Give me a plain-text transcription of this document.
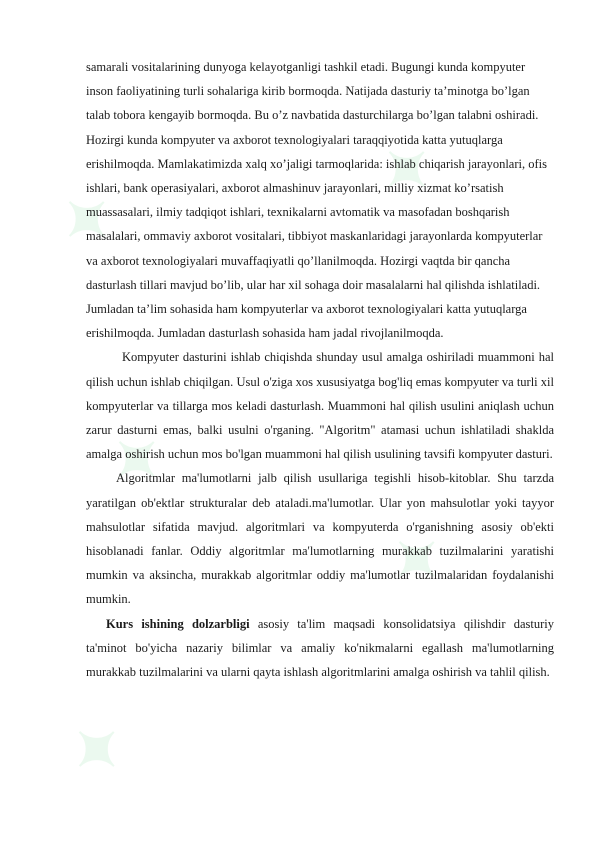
✦
✦
✦
✦
✦

samarali vositalarining dunyoga kelayotganligi tashkil etadi. Bugungi kunda kompyuter inson faoliyatining turli sohalariga kirib bormoqda. Natijada dasturiy ta’minotga bo’lgan talab tobora kengayib bormoqda. Bu o’z navbatida dasturchilarga bo’lgan talabni oshiradi. Hozirgi kunda kompyuter va axborot texnologiyalari taraqqiyotida katta yutuqlarga erishilmoqda. Mamlakatimizda xalq xo’jaligi tarmoqlarida: ishlab chiqarish jarayonlari, ofis ishlari, bank operasiyalari, axborot almashinuv jarayonlari, milliy xizmat ko’rsatish muassasalari, ilmiy tadqiqot ishlari, texnikalarni avtomatik va masofadan boshqarish masalalari, ommaviy axborot vositalari, tibbiyot maskanlaridagi jarayonlarda kompyuterlar va axborot texnologiyalari muvaffaqiyatli qo’llanilmoqda. Hozirgi vaqtda bir qancha dasturlash tillari mavjud bo’lib, ular har xil sohaga doir masalalarni hal qilishda ishlatiladi. Jumladan ta’lim sohasida ham kompyuterlar va axborot texnologiyalari katta yutuqlarga erishilmoqda. Jumladan dasturlash sohasida ham jadal rivojlanilmoqda.

Kompyuter dasturini ishlab chiqishda shunday usul amalga oshiriladi muammoni hal qilish uchun ishlab chiqilgan. Usul o'ziga xos xususiyatga bog'liq emas kompyuter va turli xil kompyuterlar va tillarga mos keladi dasturlash. Muammoni hal qilish usulini aniqlash uchun zarur dasturni emas, balki usulni o'rganing. "Algoritm" atamasi uchun ishlatiladi shaklda amalga oshirish uchun mos bo'lgan muammoni hal qilish usulining tavsifi kompyuter dasturi.

Algoritmlar ma'lumotlarni jalb qilish usullariga tegishli hisob-kitoblar. Shu tarzda yaratilgan ob'ektlar strukturalar deb ataladi.ma'lumotlar. Ular yon mahsulotlar yoki tayyor mahsulotlar sifatida mavjud. algoritmlari va kompyuterda o'rganishning asosiy ob'ekti hisoblanadi fanlar. Oddiy algoritmlar ma'lumotlarning murakkab tuzilmalarini yaratishi mumkin va aksincha, murakkab algoritmlar oddiy ma'lumotlar tuzilmalaridan foydalanishi mumkin.

Kurs ishining dolzarbligi asosiy ta'lim maqsadi konsolidatsiya qilishdir dasturiy ta'minot bo'yicha nazariy bilimlar va amaliy ko'nikmalarni egallash ma'lumotlarning murakkab tuzilmalarini va ularni qayta ishlash algoritmlarini amalga oshirish va tahlil qilish.
